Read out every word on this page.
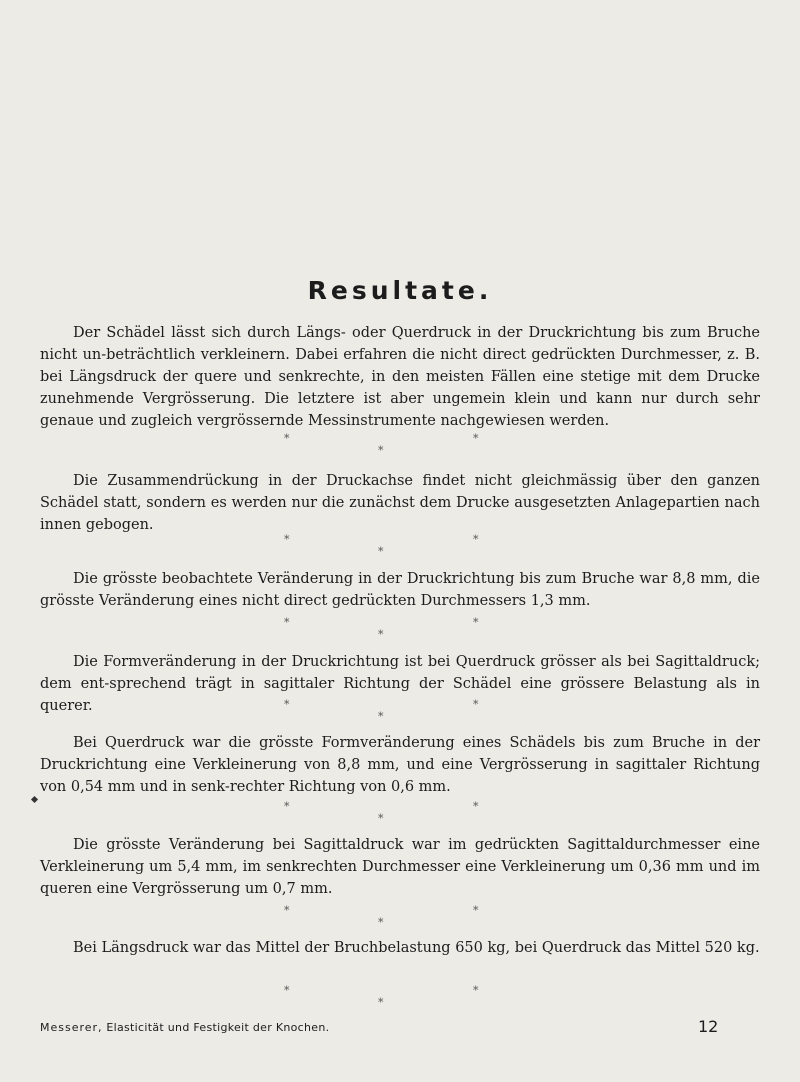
Resultate.

Der Schädel lässt sich durch Längs- oder Querdruck in der Druckrichtung bis zum Bruche nicht un-beträchtlich verkleinern. Dabei erfahren die nicht direct gedrückten Durchmesser, z. B. bei Längsdruck der quere und senkrechte, in den meisten Fällen eine stetige mit dem Drucke zunehmende Vergrösserung. Die letztere ist aber ungemein klein und kann nur durch sehr genaue und zugleich vergrössernde Messinstrumente nachgewiesen werden.

*	*
*

Die Zusammendrückung in der Druckachse findet nicht gleichmässig über den ganzen Schädel statt, sondern es werden nur die zunächst dem Drucke ausgesetzten Anlagepartien nach innen gebogen.

*	*
*

Die grösste beobachtete Veränderung in der Druckrichtung bis zum Bruche war 8,8 mm, die grösste Veränderung eines nicht direct gedrückten Durchmessers 1,3 mm.

*	*
*

Die Formveränderung in der Druckrichtung ist bei Querdruck grösser als bei Sagittaldruck; dem ent-sprechend trägt in sagittaler Richtung der Schädel eine grössere Belastung als in querer.	*	*
*

Bei Querdruck war die grösste Formveränderung eines Schädels bis zum Bruche in der Druckrichtung eine Verkleinerung von 8,8 mm, und eine Vergrösserung in sagittaler Richtung von 0,54 mm und in senk-rechter Richtung von 0,6 mm.

*	*
*

Die grösste Veränderung bei Sagittaldruck war im gedrückten Sagittaldurchmesser eine Verkleinerung um 5,4 mm, im senkrechten Durchmesser eine Verkleinerung um 0,36 mm und im queren eine Vergrösserung um 0,7 mm.

*	*
*

Bei Längsdruck war das Mittel der Bruchbelastung 650 kg, bei Querdruck das Mittel 520 kg.

*	*
*
Messerer, Elasticität und Festigkeit der Knochen.	12
